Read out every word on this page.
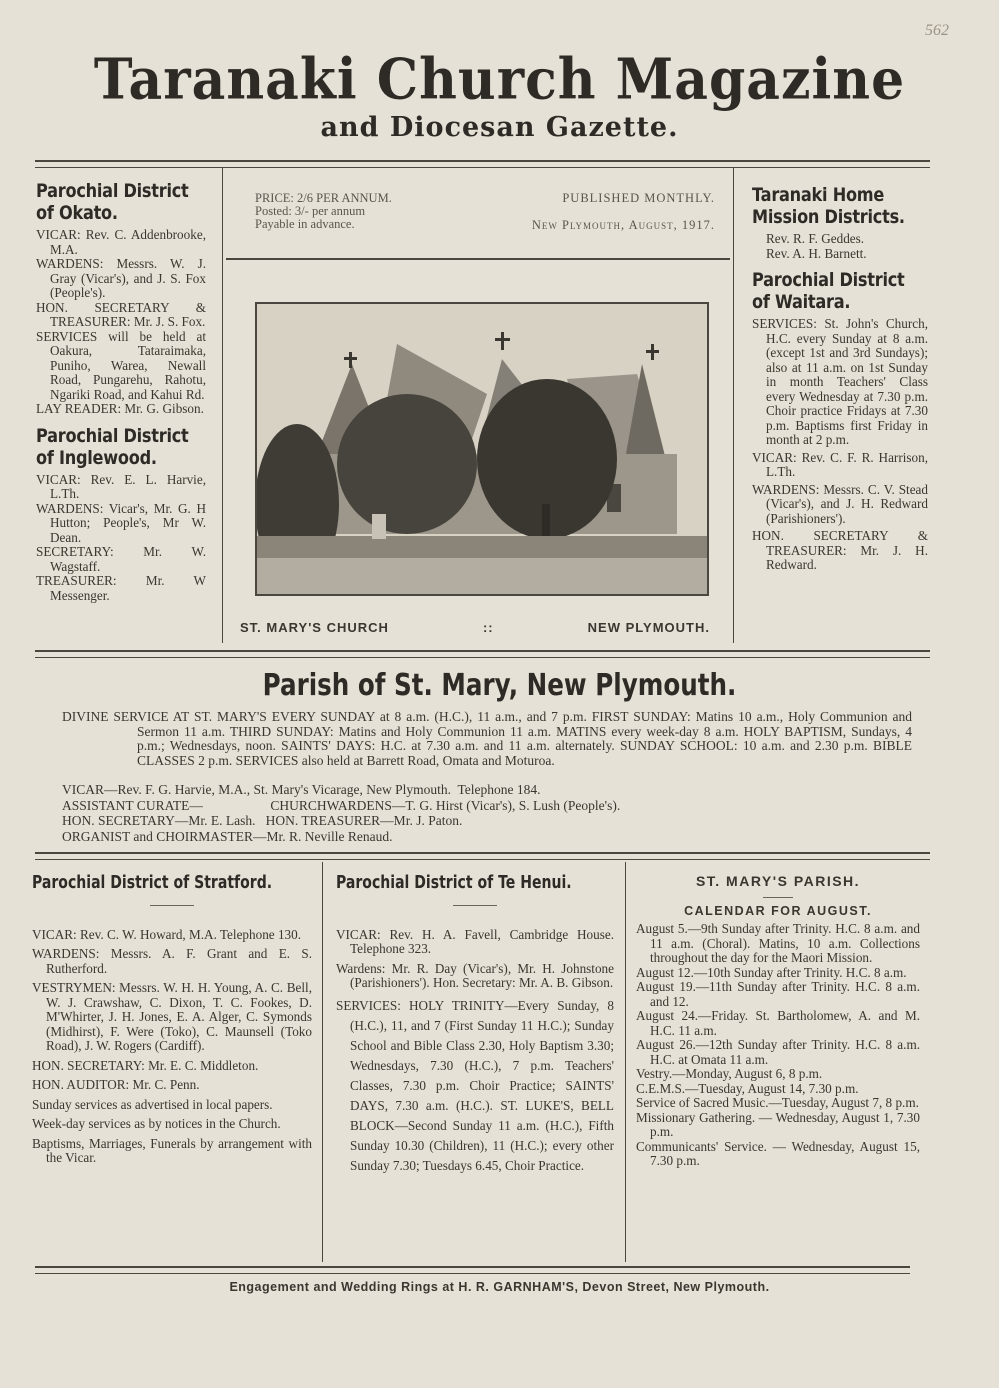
562
Taranaki Church Magazine
and Diocesan Gazette.
Parochial District of Okato.

VICAR: Rev. C. Addenbrooke, M.A.

WARDENS: Messrs. W. J. Gray (Vicar's), and J. S. Fox (People's).

HON. SECRETARY & TREASURER: Mr. J. S. Fox.

SERVICES will be held at Oakura, Tataraimaka, Puniho, Warea, Newall Road, Pungarehu, Rahotu, Ngariki Road, and Kahui Rd.

LAY READER: Mr. G. Gibson.

Parochial District of Inglewood.

VICAR: Rev. E. L. Harvie, L.Th.

WARDENS: Vicar's, Mr. G. H Hutton; People's, Mr W. Dean.

SECRETARY: Mr. W. Wagstaff.

TREASURER: Mr. W Messenger.

PRICE: 2/6 PER ANNUM.
Posted: 3/- per annum
Payable in advance.
PUBLISHED MONTHLY.
New Plymouth, August, 1917.
ST. MARY'S CHURCH	::	NEW PLYMOUTH.
Taranaki Home Mission Districts.
Rev. R. F. Geddes.
Rev. A. H. Barnett.
Parochial District of Waitara.

SERVICES: St. John's Church, H.C. every Sunday at 8 a.m. (except 1st and 3rd Sundays); also at 11 a.m. on 1st Sunday in month Teachers' Class every Wednesday at 7.30 p.m. Choir practice Fridays at 7.30 p.m. Baptisms first Friday in month at 2 p.m.

VICAR: Rev. C. F. R. Harrison, L.Th.

WARDENS: Messrs. C. V. Stead (Vicar's), and J. H. Redward (Parishioners').

HON. SECRETARY & TREASURER: Mr. J. H. Redward.

Parish of St. Mary, New Plymouth.

DIVINE SERVICE AT ST. MARY'S EVERY SUNDAY at 8 a.m. (H.C.), 11 a.m., and 7 p.m. FIRST SUNDAY: Matins 10 a.m., Holy Communion and Sermon 11 a.m. THIRD SUNDAY: Matins and Holy Communion 11 a.m. MATINS every week-day 8 a.m. HOLY BAPTISM, Sundays, 4 p.m.; Wednesdays, noon. SAINTS' DAYS: H.C. at 7.30 a.m. and 11 a.m. alternately. SUNDAY SCHOOL: 10 a.m. and 2.30 p.m. BIBLE CLASSES 2 p.m. SERVICES also held at Barrett Road, Omata and Moturoa.

VICAR—Rev. F. G. Harvie, M.A., St. Mary's Vicarage, New Plymouth.  Telephone 184.
ASSISTANT CURATE—                    CHURCHWARDENS—T. G. Hirst (Vicar's), S. Lush (People's).
HON. SECRETARY—Mr. E. Lash.   HON. TREASURER—Mr. J. Paton.
ORGANIST and CHOIRMASTER—Mr. R. Neville Renaud.
Parochial District of Stratford.

VICAR: Rev. C. W. Howard, M.A. Telephone 130.

WARDENS: Messrs. A. F. Grant and E. S. Rutherford.

VESTRYMEN: Messrs. W. H. H. Young, A. C. Bell, W. J. Crawshaw, C. Dixon, T. C. Fookes, D. M'Whirter, J. H. Jones, E. A. Alger, C. Symonds (Midhirst), F. Were (Toko), C. Maunsell (Toko Road), J. W. Rogers (Cardiff).

HON. SECRETARY: Mr. E. C. Middleton.

HON. AUDITOR: Mr. C. Penn.

Sunday services as advertised in local papers.

Week-day services as by notices in the Church.

Baptisms, Marriages, Funerals by arrangement with the Vicar.

Parochial District of Te Henui.

VICAR: Rev. H. A. Favell, Cambridge House. Telephone 323.

Wardens: Mr. R. Day (Vicar's), Mr. H. Johnstone (Parishioners'). Hon. Secretary: Mr. A. B. Gibson.

SERVICES: HOLY TRINITY—Every Sunday, 8 (H.C.), 11, and 7 (First Sunday 11 H.C.); Sunday School and Bible Class 2.30, Holy Baptism 3.30; Wednesdays, 7.30 (H.C.), 7 p.m. Teachers' Classes, 7.30 p.m. Choir Practice; SAINTS' DAYS, 7.30 a.m. (H.C.). ST. LUKE'S, BELL BLOCK—Second Sunday 11 a.m. (H.C.), Fifth Sunday 10.30 (Children), 11 (H.C.); every other Sunday 7.30; Tuesdays 6.45, Choir Practice.

ST. MARY'S PARISH.
CALENDAR FOR AUGUST.

August 5.—9th Sunday after Trinity. H.C. 8 a.m. and 11 a.m. (Choral). Matins, 10 a.m. Collections throughout the day for the Maori Mission.

August 12.—10th Sunday after Trinity. H.C. 8 a.m.

August 19.—11th Sunday after Trinity. H.C. 8 a.m. and 12.

August 24.—Friday. St. Bartholomew, A. and M. H.C. 11 a.m.

August 26.—12th Sunday after Trinity. H.C. 8 a.m. H.C. at Omata 11 a.m.

Vestry.—Monday, August 6, 8 p.m.

C.E.M.S.—Tuesday, August 14, 7.30 p.m.

Service of Sacred Music.—Tuesday, August 7, 8 p.m.

Missionary Gathering. — Wednesday, August 1, 7.30 p.m.

Communicants' Service. — Wednesday, August 15, 7.30 p.m.

Engagement and Wedding Rings at H. R. GARNHAM'S, Devon Street, New Plymouth.
